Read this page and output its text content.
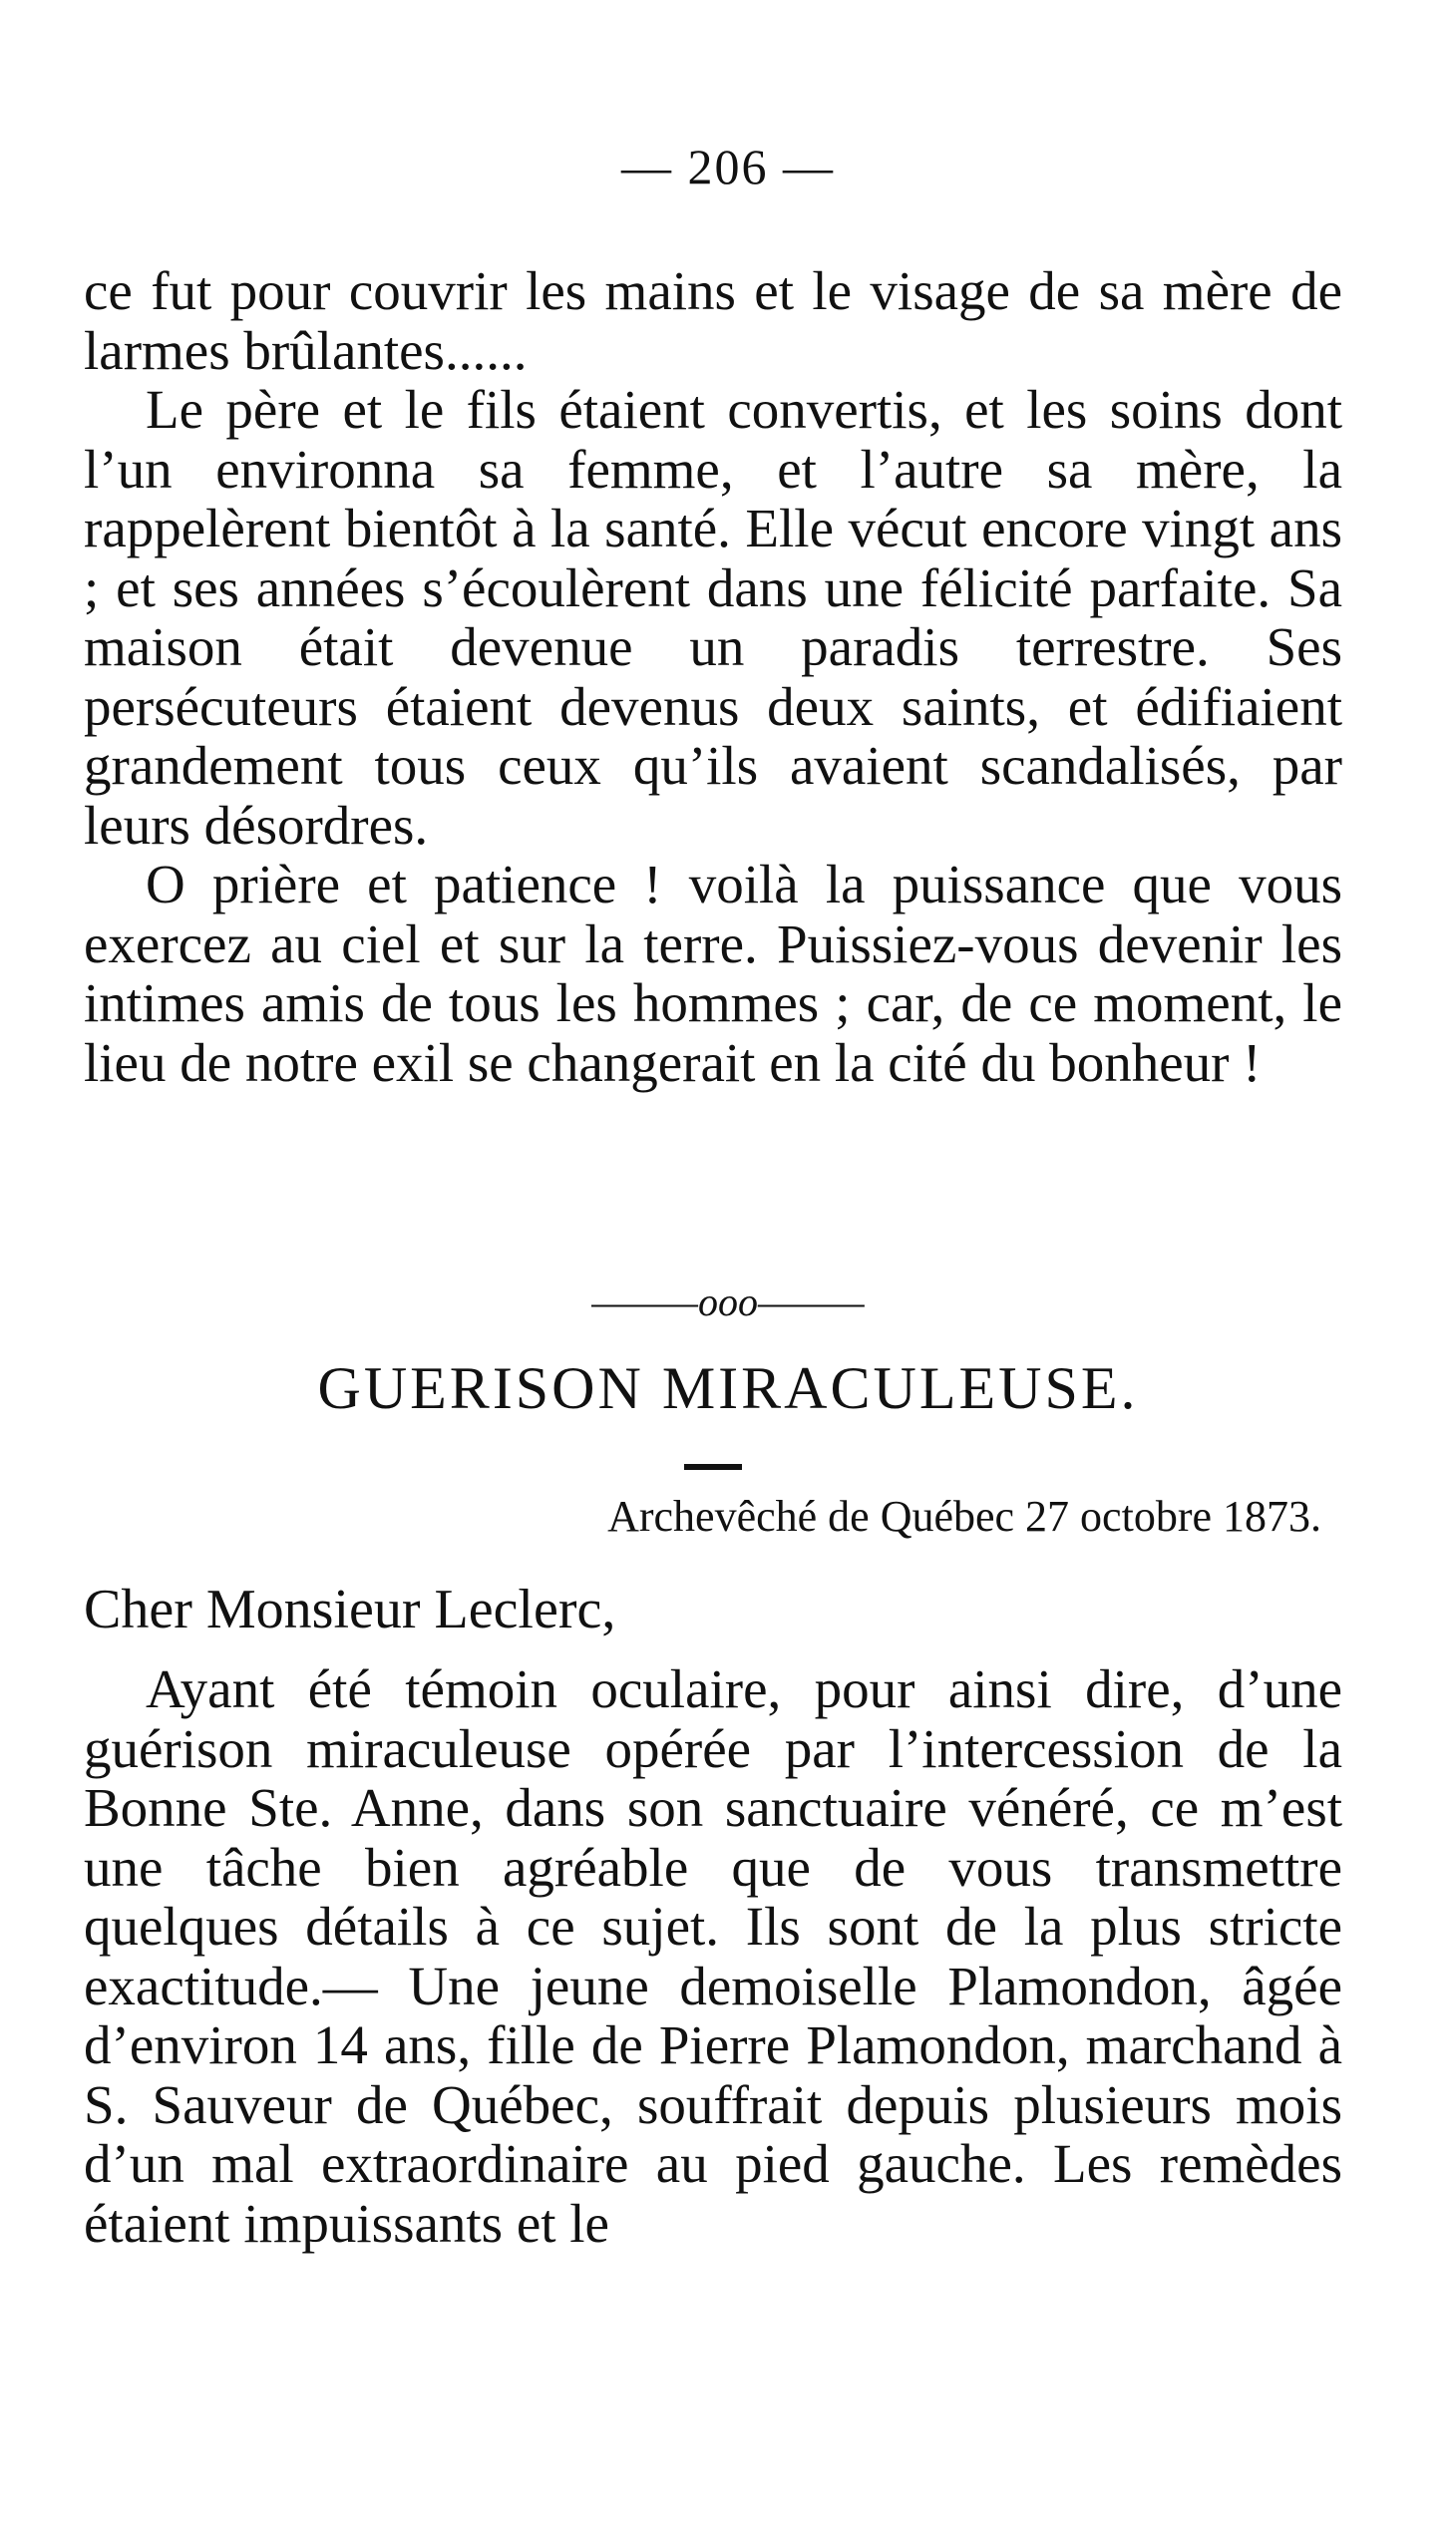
— 206 —

ce fut pour couvrir les mains et le visage de sa mère de larmes brûlantes......

Le père et le fils étaient convertis, et les soins dont l’un environna sa femme, et l’autre sa mère, la rappelèrent bientôt à la santé. Elle vécut encore vingt ans ; et ses années s’écoulèrent dans une félicité parfaite. Sa maison était devenue un paradis terrestre. Ses persécuteurs étaient devenus deux saints, et édifiaient grandement tous ceux qu’ils avaient scandalisés, par leurs désordres.

O prière et patience ! voilà la puissance que vous exercez au ciel et sur la terre. Puissiez-vous devenir les intimes amis de tous les hommes ; car, de ce moment, le lieu de notre exil se changerait en la cité du bonheur !

———ooo———
GUERISON MIRACULEUSE.
Archevêché de Québec 27 octobre 1873.
Cher Monsieur Leclerc,

Ayant été témoin oculaire, pour ainsi dire, d’une guérison miraculeuse opérée par l’intercession de la Bonne Ste. Anne, dans son sanctuaire vénéré, ce m’est une tâche bien agréable que de vous transmettre quelques détails à ce sujet. Ils sont de la plus stricte exactitude.— Une jeune demoiselle Plamondon, âgée d’environ 14 ans, fille de Pierre Plamondon, marchand à S. Sauveur de Québec, souffrait depuis plusieurs mois d’un mal extraordinaire au pied gauche. Les remèdes étaient impuissants et le
